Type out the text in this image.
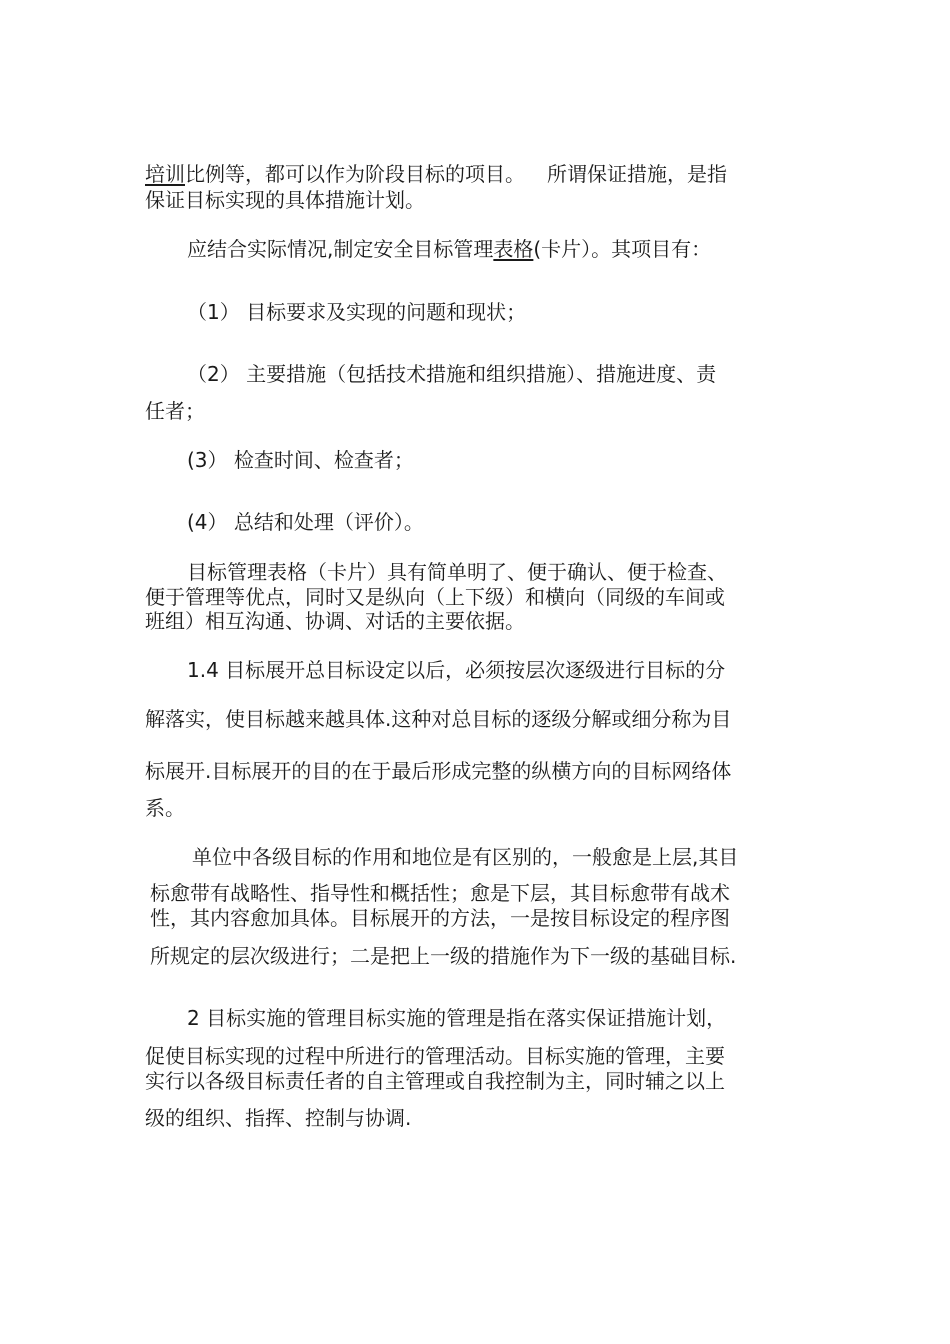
培训比例等，都可以作为阶段目标的项目。 所谓保证措施，是指
保证目标实现的具体措施计划。
应结合实际情况,制定安全目标管理表格(卡片）。其项目有：
（1） 目标要求及实现的问题和现状；
（2） 主要措施（包括技术措施和组织措施）、措施进度、责
任者；
(3） 检查时间、检查者；
(4） 总结和处理（评价）。
目标管理表格（卡片）具有简单明了、便于确认、便于检查、
便于管理等优点，同时又是纵向（上下级）和横向（同级的车间或
班组）相互沟通、协调、对话的主要依据。
1.4 目标展开总目标设定以后，必须按层次逐级进行目标的分
解落实，使目标越来越具体.这种对总目标的逐级分解或细分称为目
标展开.目标展开的目的在于最后形成完整的纵横方向的目标网络体
系。
单位中各级目标的作用和地位是有区别的，一般愈是上层,其目
标愈带有战略性、指导性和概括性；愈是下层，其目标愈带有战术
性，其内容愈加具体。目标展开的方法，一是按目标设定的程序图
所规定的层次级进行；二是把上一级的措施作为下一级的基础目标.
2 目标实施的管理目标实施的管理是指在落实保证措施计划，
促使目标实现的过程中所进行的管理活动。目标实施的管理，主要
实行以各级目标责任者的自主管理或自我控制为主，同时辅之以上
级的组织、指挥、控制与协调.
